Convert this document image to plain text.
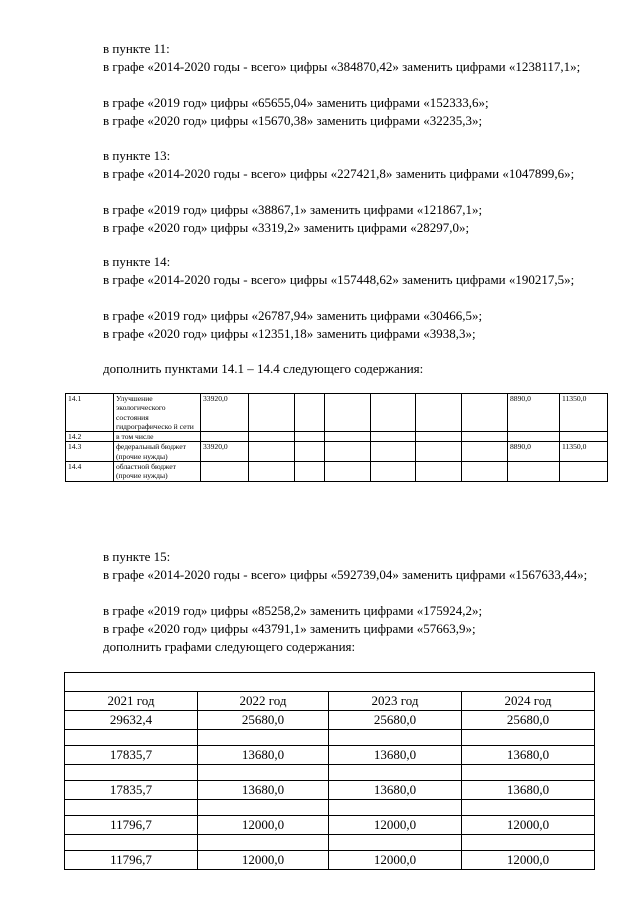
в пункте 11:
в графе «2014-2020 годы - всего» цифры «384870,42» заменить цифрами «1238117,1»;
в графе «2019 год» цифры «65655,04» заменить цифрами «152333,6»;
в графе «2020 год» цифры «15670,38» заменить цифрами «32235,3»;
в пункте 13:
в графе «2014-2020 годы - всего» цифры «227421,8» заменить цифрами «1047899,6»;
в графе «2019 год» цифры «38867,1» заменить цифрами «121867,1»;
в графе «2020 год» цифры «3319,2» заменить цифрами «28297,0»;
в пункте 14:
в графе «2014-2020 годы - всего» цифры «157448,62» заменить цифрами «190217,5»;
в графе «2019 год» цифры «26787,94» заменить цифрами «30466,5»;
в графе «2020 год» цифры «12351,18» заменить цифрами «3938,3»;
дополнить пунктами 14.1 – 14.4 следующего содержания:
14.1	Улучшение экологического состояния гидрографическо й сети	33920,0							8890,0	11350,0
14.2	в том числе									
14.3	федеральный бюджет (прочие нужды)	33920,0							8890,0	11350,0
14.4	областной бюджет (прочие нужды)									
в пункте 15:
в графе «2014-2020 годы - всего» цифры «592739,04» заменить цифрами «1567633,44»;
в графе «2019 год» цифры «85258,2» заменить цифрами «175924,2»;
в графе «2020 год» цифры «43791,1» заменить цифрами «57663,9»;
дополнить графами следующего содержания:

2021 год	2022 год	2023 год	2024 год
29632,4	25680,0	25680,0	25680,0

17835,7	13680,0	13680,0	13680,0

17835,7	13680,0	13680,0	13680,0

11796,7	12000,0	12000,0	12000,0

11796,7	12000,0	12000,0	12000,0
